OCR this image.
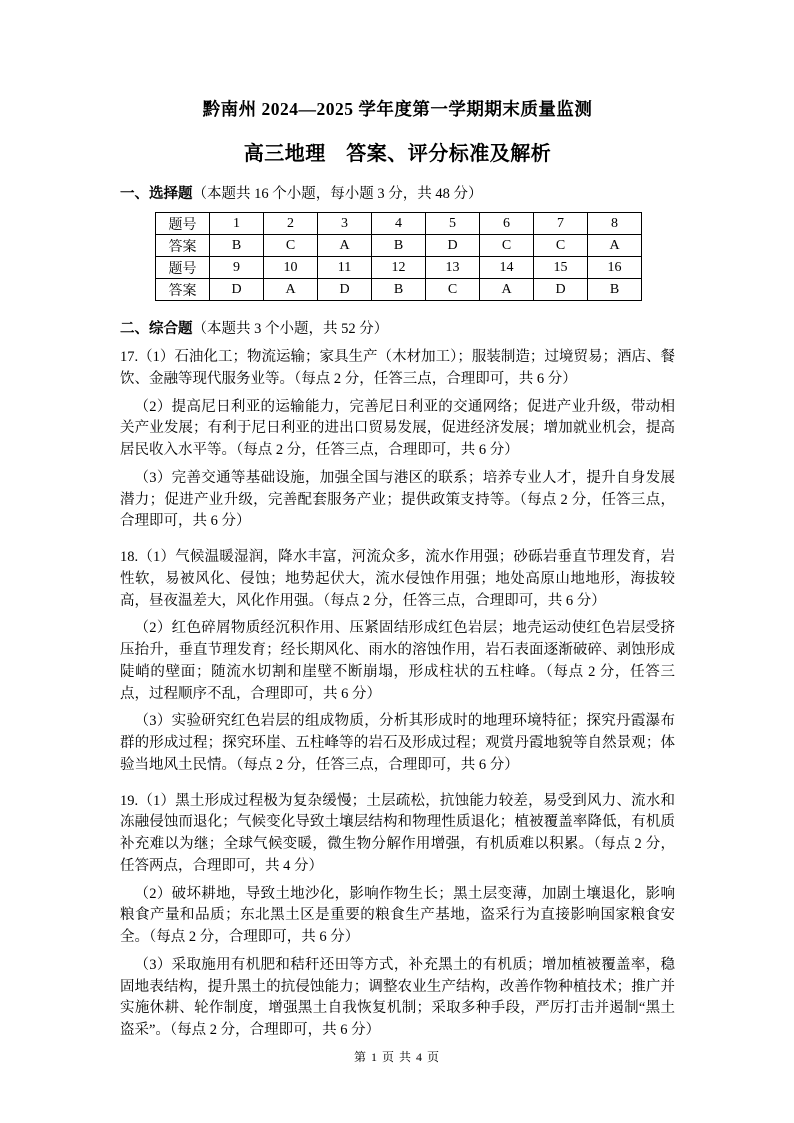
黔南州 2024—2025 学年度第一学期期末质量监测
高三地理　答案、评分标准及解析
一、选择题（本题共 16 个小题，每小题 3 分，共 48 分）
题号	1	2	3	4	5	6	7	8
答案	B	C	A	B	D	C	C	A
题号	9	10	11	12	13	14	15	16
答案	D	A	D	B	C	A	D	B
二、综合题（本题共 3 个小题，共 52 分）

17.（1）石油化工；物流运输；家具生产（木材加工）；服装制造；过境贸易；酒店、餐饮、金融等现代服务业等。（每点 2 分，任答三点，合理即可，共 6 分）

（2）提高尼日利亚的运输能力，完善尼日利亚的交通网络；促进产业升级，带动相关产业发展；有利于尼日利亚的进出口贸易发展，促进经济发展；增加就业机会，提高居民收入水平等。（每点 2 分，任答三点，合理即可，共 6 分）

（3）完善交通等基础设施，加强全国与港区的联系；培养专业人才，提升自身发展潜力；促进产业升级，完善配套服务产业；提供政策支持等。（每点 2 分，任答三点，合理即可，共 6 分）

18.（1）气候温暖湿润，降水丰富，河流众多，流水作用强；砂砾岩垂直节理发育，岩性软，易被风化、侵蚀；地势起伏大，流水侵蚀作用强；地处高原山地地形，海拔较高，昼夜温差大，风化作用强。（每点 2 分，任答三点，合理即可，共 6 分）

（2）红色碎屑物质经沉积作用、压紧固结形成红色岩层；地壳运动使红色岩层受挤压抬升，垂直节理发育；经长期风化、雨水的溶蚀作用，岩石表面逐渐破碎、剥蚀形成陡峭的壁面；随流水切割和崖壁不断崩塌，形成柱状的五柱峰。（每点 2 分，任答三点，过程顺序不乱，合理即可，共 6 分）

（3）实验研究红色岩层的组成物质，分析其形成时的地理环境特征；探究丹霞瀑布群的形成过程；探究环崖、五柱峰等的岩石及形成过程；观赏丹霞地貌等自然景观；体验当地风土民情。（每点 2 分，任答三点，合理即可，共 6 分）

19.（1）黑土形成过程极为复杂缓慢；土层疏松，抗蚀能力较差，易受到风力、流水和冻融侵蚀而退化；气候变化导致土壤层结构和物理性质退化；植被覆盖率降低，有机质补充难以为继；全球气候变暖，微生物分解作用增强，有机质难以积累。（每点 2 分，任答两点，合理即可，共 4 分）

（2）破坏耕地，导致土地沙化，影响作物生长；黑土层变薄，加剧土壤退化，影响粮食产量和品质；东北黑土区是重要的粮食生产基地，盗采行为直接影响国家粮食安全。（每点 2 分，合理即可，共 6 分）

（3）采取施用有机肥和秸秆还田等方式，补充黑土的有机质；增加植被覆盖率，稳固地表结构，提升黑土的抗侵蚀能力；调整农业生产结构，改善作物种植技术；推广并实施休耕、轮作制度，增强黑土自我恢复机制；采取多种手段，严厉打击并遏制“黑土盗采”。（每点 2 分，合理即可，共 6 分）

第 1 页 共 4 页
